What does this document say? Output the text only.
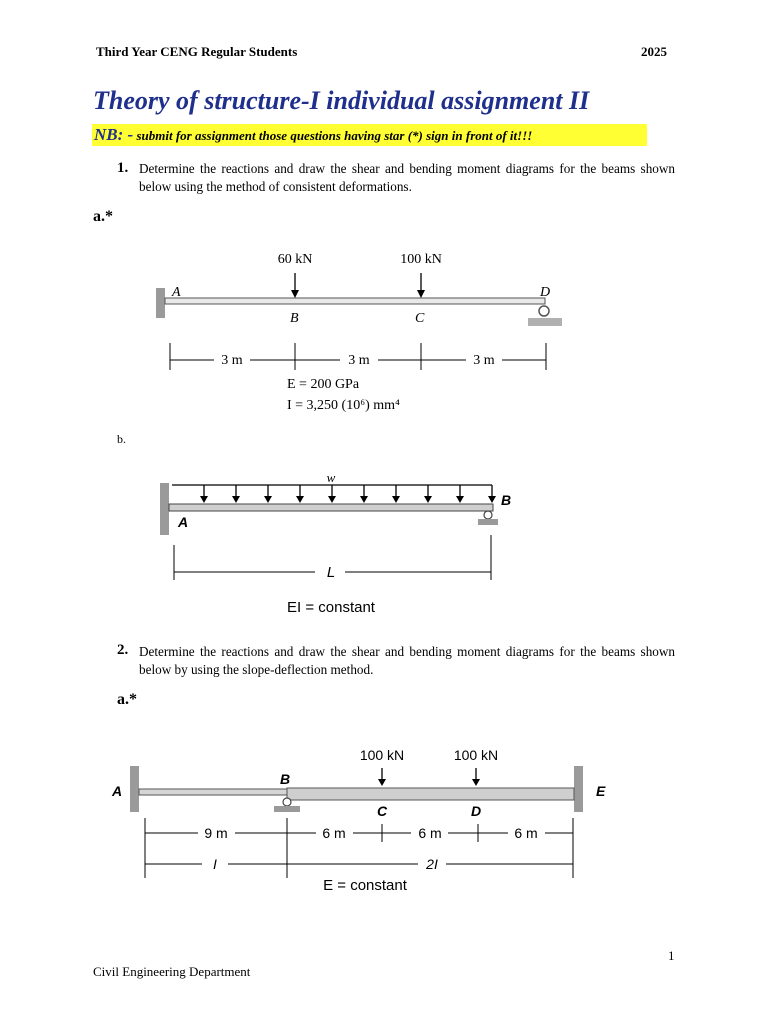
Third Year CENG Regular Students	2025
Theory of structure-I individual assignment II
NB: - submit for assignment those questions having star (*) sign in front of it!!!
1. Determine the reactions and draw the shear and bending moment diagrams for the beams shown below using the method of consistent deformations.
a.*
60 kN	100 kN
A
B	C
D
3 m	3 m	3 m
E = 200 GPa
I = 3,250 (10⁶) mm⁴
b.
w
A
B
L
EI = constant
2. Determine the reactions and draw the shear and bending moment diagrams for the beams shown below by using the slope-deflection method.
a.*
100 kN	100 kN
A
B
C	D
E
9 m	6 m	6 m	6 m
I	2I
E = constant
1
Civil Engineering Department
